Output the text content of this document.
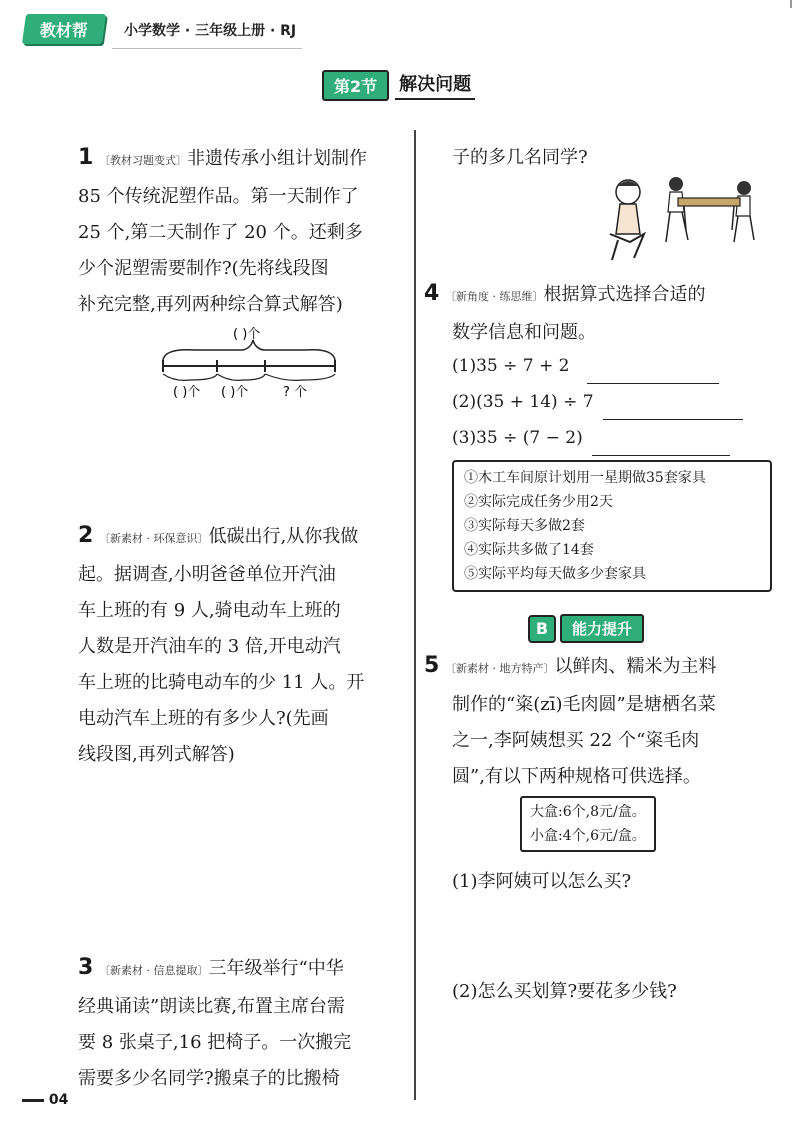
教材帮	小学数学 · 三年级上册 · RJ
第2节	解决问题
1 〔教材习题变式〕非遗传承小组计划制作
85 个传统泥塑作品。第一天制作了
25 个,第二天制作了 20 个。还剩多
少个泥塑需要制作?(先将线段图
补充完整,再列两种综合算式解答)
( )个
( )个 ( )个	? 个
2 〔新素材 · 环保意识〕低碳出行,从你我做
起。据调查,小明爸爸单位开汽油
车上班的有 9 人,骑电动车上班的
人数是开汽油车的 3 倍,开电动汽
车上班的比骑电动车的少 11 人。开
电动汽车上班的有多少人?(先画
线段图,再列式解答)
3 〔新素材 · 信息提取〕三年级举行“中华
经典诵读”朗读比赛,布置主席台需
要 8 张桌子,16 把椅子。一次搬完
需要多少名同学?搬桌子的比搬椅
子的多几名同学?
4 〔新角度 · 练思维〕根据算式选择合适的
数学信息和问题。
(1)35 ÷ 7 + 2
(2)(35 + 14) ÷ 7
(3)35 ÷ (7 − 2)
①木工车间原计划用一星期做35套家具
②实际完成任务少用2天
③实际每天多做2套
④实际共多做了14套
⑤实际平均每天做多少套家具
B	能力提升
5 〔新素材 · 地方特产〕以鲜肉、糯米为主料
制作的“粢(zī)毛肉圆”是塘栖名菜
之一,李阿姨想买 22 个“粢毛肉
圆”,有以下两种规格可供选择。
大盒:6个,8元/盒。
小盒:4个,6元/盒。
(1)李阿姨可以怎么买?
(2)怎么买划算?要花多少钱?
04
